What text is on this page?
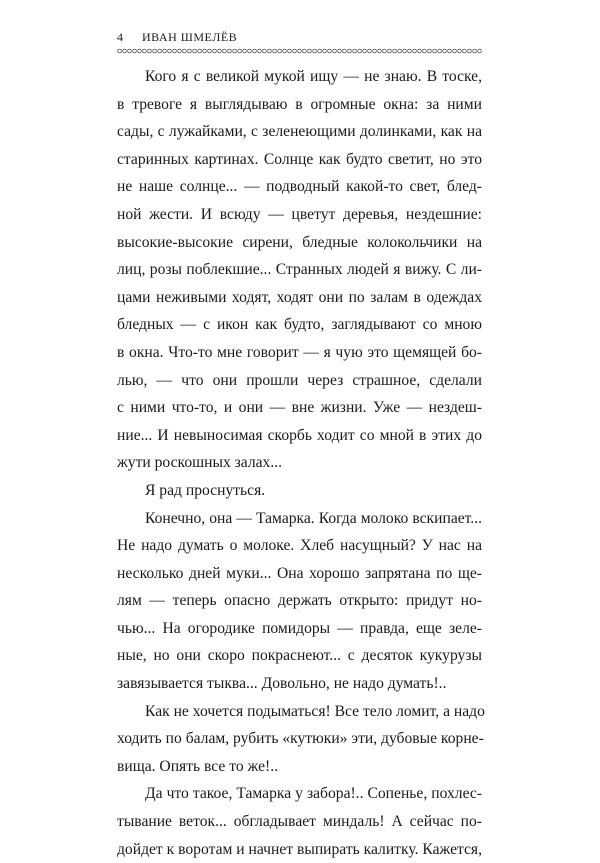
4 ИВАН ШМЕЛЁВ
Кого я с великой мукой ищу — не знаю. В тоске,
в тревоге я выглядываю в огромные окна: за ними
сады, с лужайками, с зеленеющими долинками, как на
старинных картинах. Солнце как будто светит, но это
не наше солнце... — подводный какой-то свет, блед-
ной жести. И всюду — цветут деревья, нездешние:
высокие-высокие сирени, бледные колокольчики на
лиц, розы поблекшие... Странных людей я вижу. С ли-
цами неживыми ходят, ходят они по залам в одеждах
бледных — с икон как будто, заглядывают со мною
в окна. Что-то мне говорит — я чую это щемящей бо-
лью, — что они прошли через страшное, сделали
с ними что-то, и они — вне жизни. Уже — нездеш-
ние... И невыносимая скорбь ходит со мной в этих до
жути роскошных залах...
Я рад проснуться.
Конечно, она — Тамарка. Когда молоко вскипает...
Не надо думать о молоке. Хлеб насущный? У нас на
несколько дней муки... Она хорошо запрятана по ще-
лям — теперь опасно держать открыто: придут но-
чью... На огородике помидоры — правда, еще зеле-
ные, но они скоро покраснеют... с десяток кукурузы
завязывается тыква... Довольно, не надо думать!..
Как не хочется подыматься! Все тело ломит, а надо
ходить по балам, рубить «кутюки» эти, дубовые корне-
вища. Опять все то же!..
Да что такое, Тамарка у забора!.. Сопенье, похлес-
тывание веток... обгладывает миндаль! А сейчас по-
дойдет к воротам и начнет выпирать калитку. Кажется,
